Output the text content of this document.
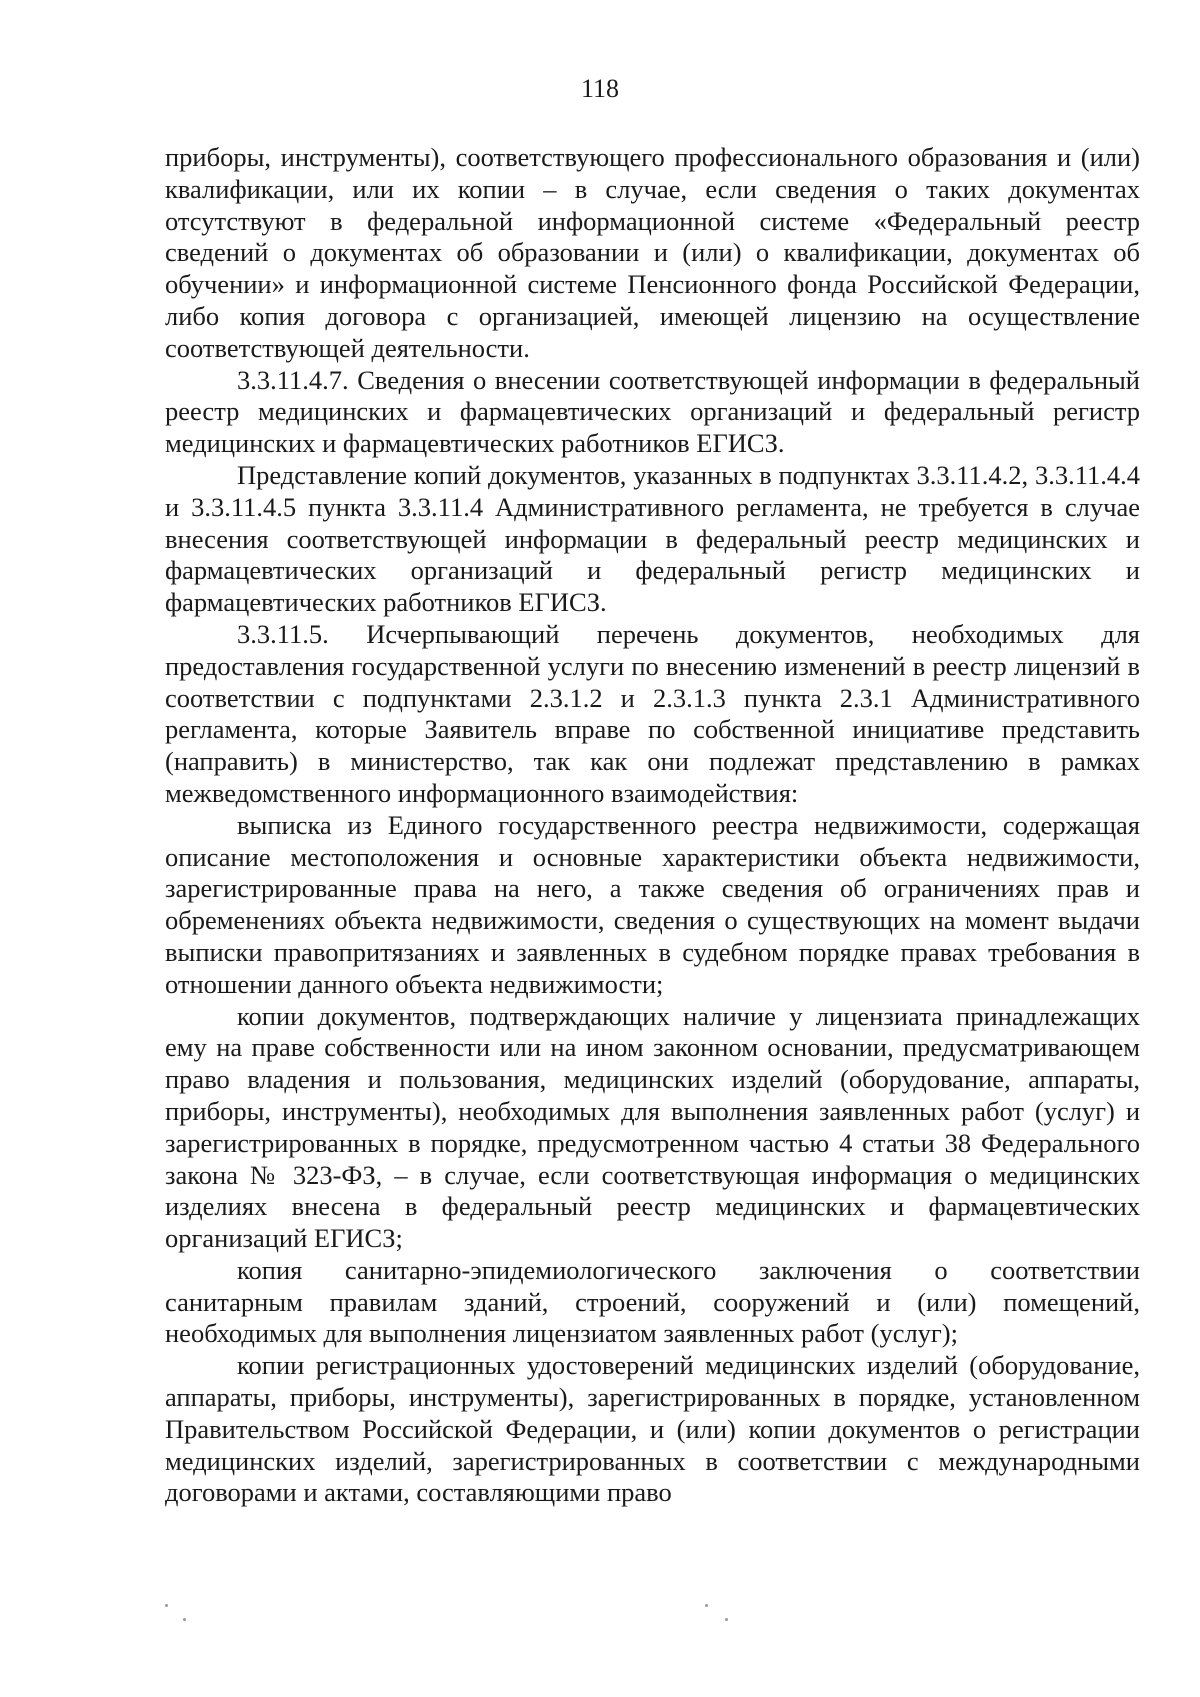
118

приборы, инструменты), соответствующего профессионального образования и (или) квалификации, или их копии – в случае, если сведения о таких документах отсутствуют в федеральной информационной системе «Федеральный реестр сведений о документах об образовании и (или) о квалификации, документах об обучении» и информационной системе Пенсионного фонда Российской Федерации, либо копия договора с организацией, имеющей лицензию на осуществление соответствующей деятельности.

3.3.11.4.7. Сведения о внесении соответствующей информации в федеральный реестр медицинских и фармацевтических организаций и федеральный регистр медицинских и фармацевтических работников ЕГИСЗ.

Представление копий документов, указанных в подпунктах 3.3.11.4.2, 3.3.11.4.4 и 3.3.11.4.5 пункта 3.3.11.4 Административного регламента, не требуется в случае внесения соответствующей информации в федеральный реестр медицинских и фармацевтических организаций и федеральный регистр медицинских и фармацевтических работников ЕГИСЗ.

3.3.11.5. Исчерпывающий перечень документов, необходимых для предоставления государственной услуги по внесению изменений в реестр лицензий в соответствии с подпунктами 2.3.1.2 и 2.3.1.3 пункта 2.3.1 Административного регламента, которые Заявитель вправе по собственной инициативе представить (направить) в министерство, так как они подлежат представлению в рамках межведомственного информационного взаимодействия:

выписка из Единого государственного реестра недвижимости, содержащая описание местоположения и основные характеристики объекта недвижимости, зарегистрированные права на него, а также сведения об ограничениях прав и обременениях объекта недвижимости, сведения о существующих на момент выдачи выписки правопритязаниях и заявленных в судебном порядке правах требования в отношении данного объекта недвижимости;

копии документов, подтверждающих наличие у лицензиата принадлежащих ему на праве собственности или на ином законном основании, предусматривающем право владения и пользования, медицинских изделий (оборудование, аппараты, приборы, инструменты), необходимых для выполнения заявленных работ (услуг) и зарегистрированных в порядке, предусмотренном частью 4 статьи 38 Федерального закона № 323-ФЗ, – в случае, если соответствующая информация о медицинских изделиях внесена в федеральный реестр медицинских и фармацевтических организаций ЕГИСЗ;

копия санитарно-эпидемиологического заключения о соответствии санитарным правилам зданий, строений, сооружений и (или) помещений, необходимых для выполнения лицензиатом заявленных работ (услуг);

копии регистрационных удостоверений медицинских изделий (оборудование, аппараты, приборы, инструменты), зарегистрированных в порядке, установленном Правительством Российской Федерации, и (или) копии документов о регистрации медицинских изделий, зарегистрированных в соответствии с международными договорами и актами, составляющими право
